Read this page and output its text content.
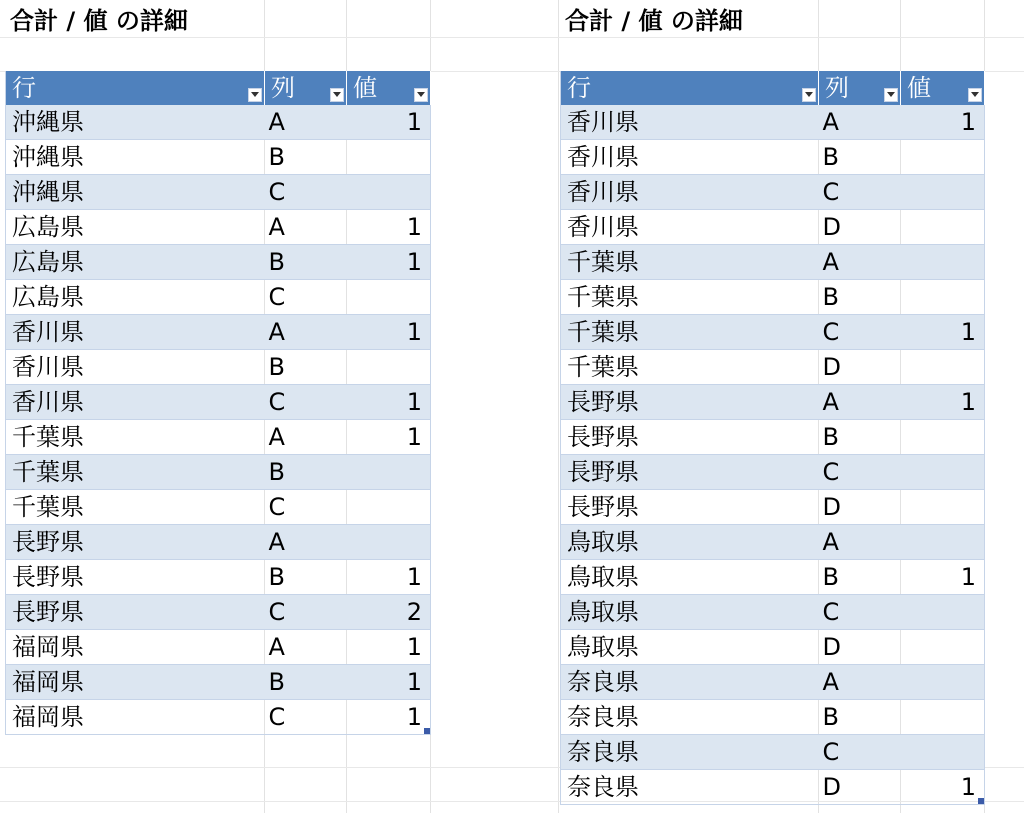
合計 / 値 の詳細	合計 / 値 の詳細
行	列	値

沖縄県	A	1
沖縄県	B	
沖縄県	C	
広島県	A	1
広島県	B	1
広島県	C	
香川県	A	1
香川県	B	
香川県	C	1
千葉県	A	1
千葉県	B	
千葉県	C	
長野県	A	
長野県	B	1
長野県	C	2
福岡県	A	1
福岡県	B	1
福岡県	C	1
行	列	値

香川県	A	1
香川県	B	
香川県	C	
香川県	D	
千葉県	A	
千葉県	B	
千葉県	C	1
千葉県	D	
長野県	A	1
長野県	B	
長野県	C	
長野県	D	
鳥取県	A	
鳥取県	B	1
鳥取県	C	
鳥取県	D	
奈良県	A	
奈良県	B	
奈良県	C	
奈良県	D	1
